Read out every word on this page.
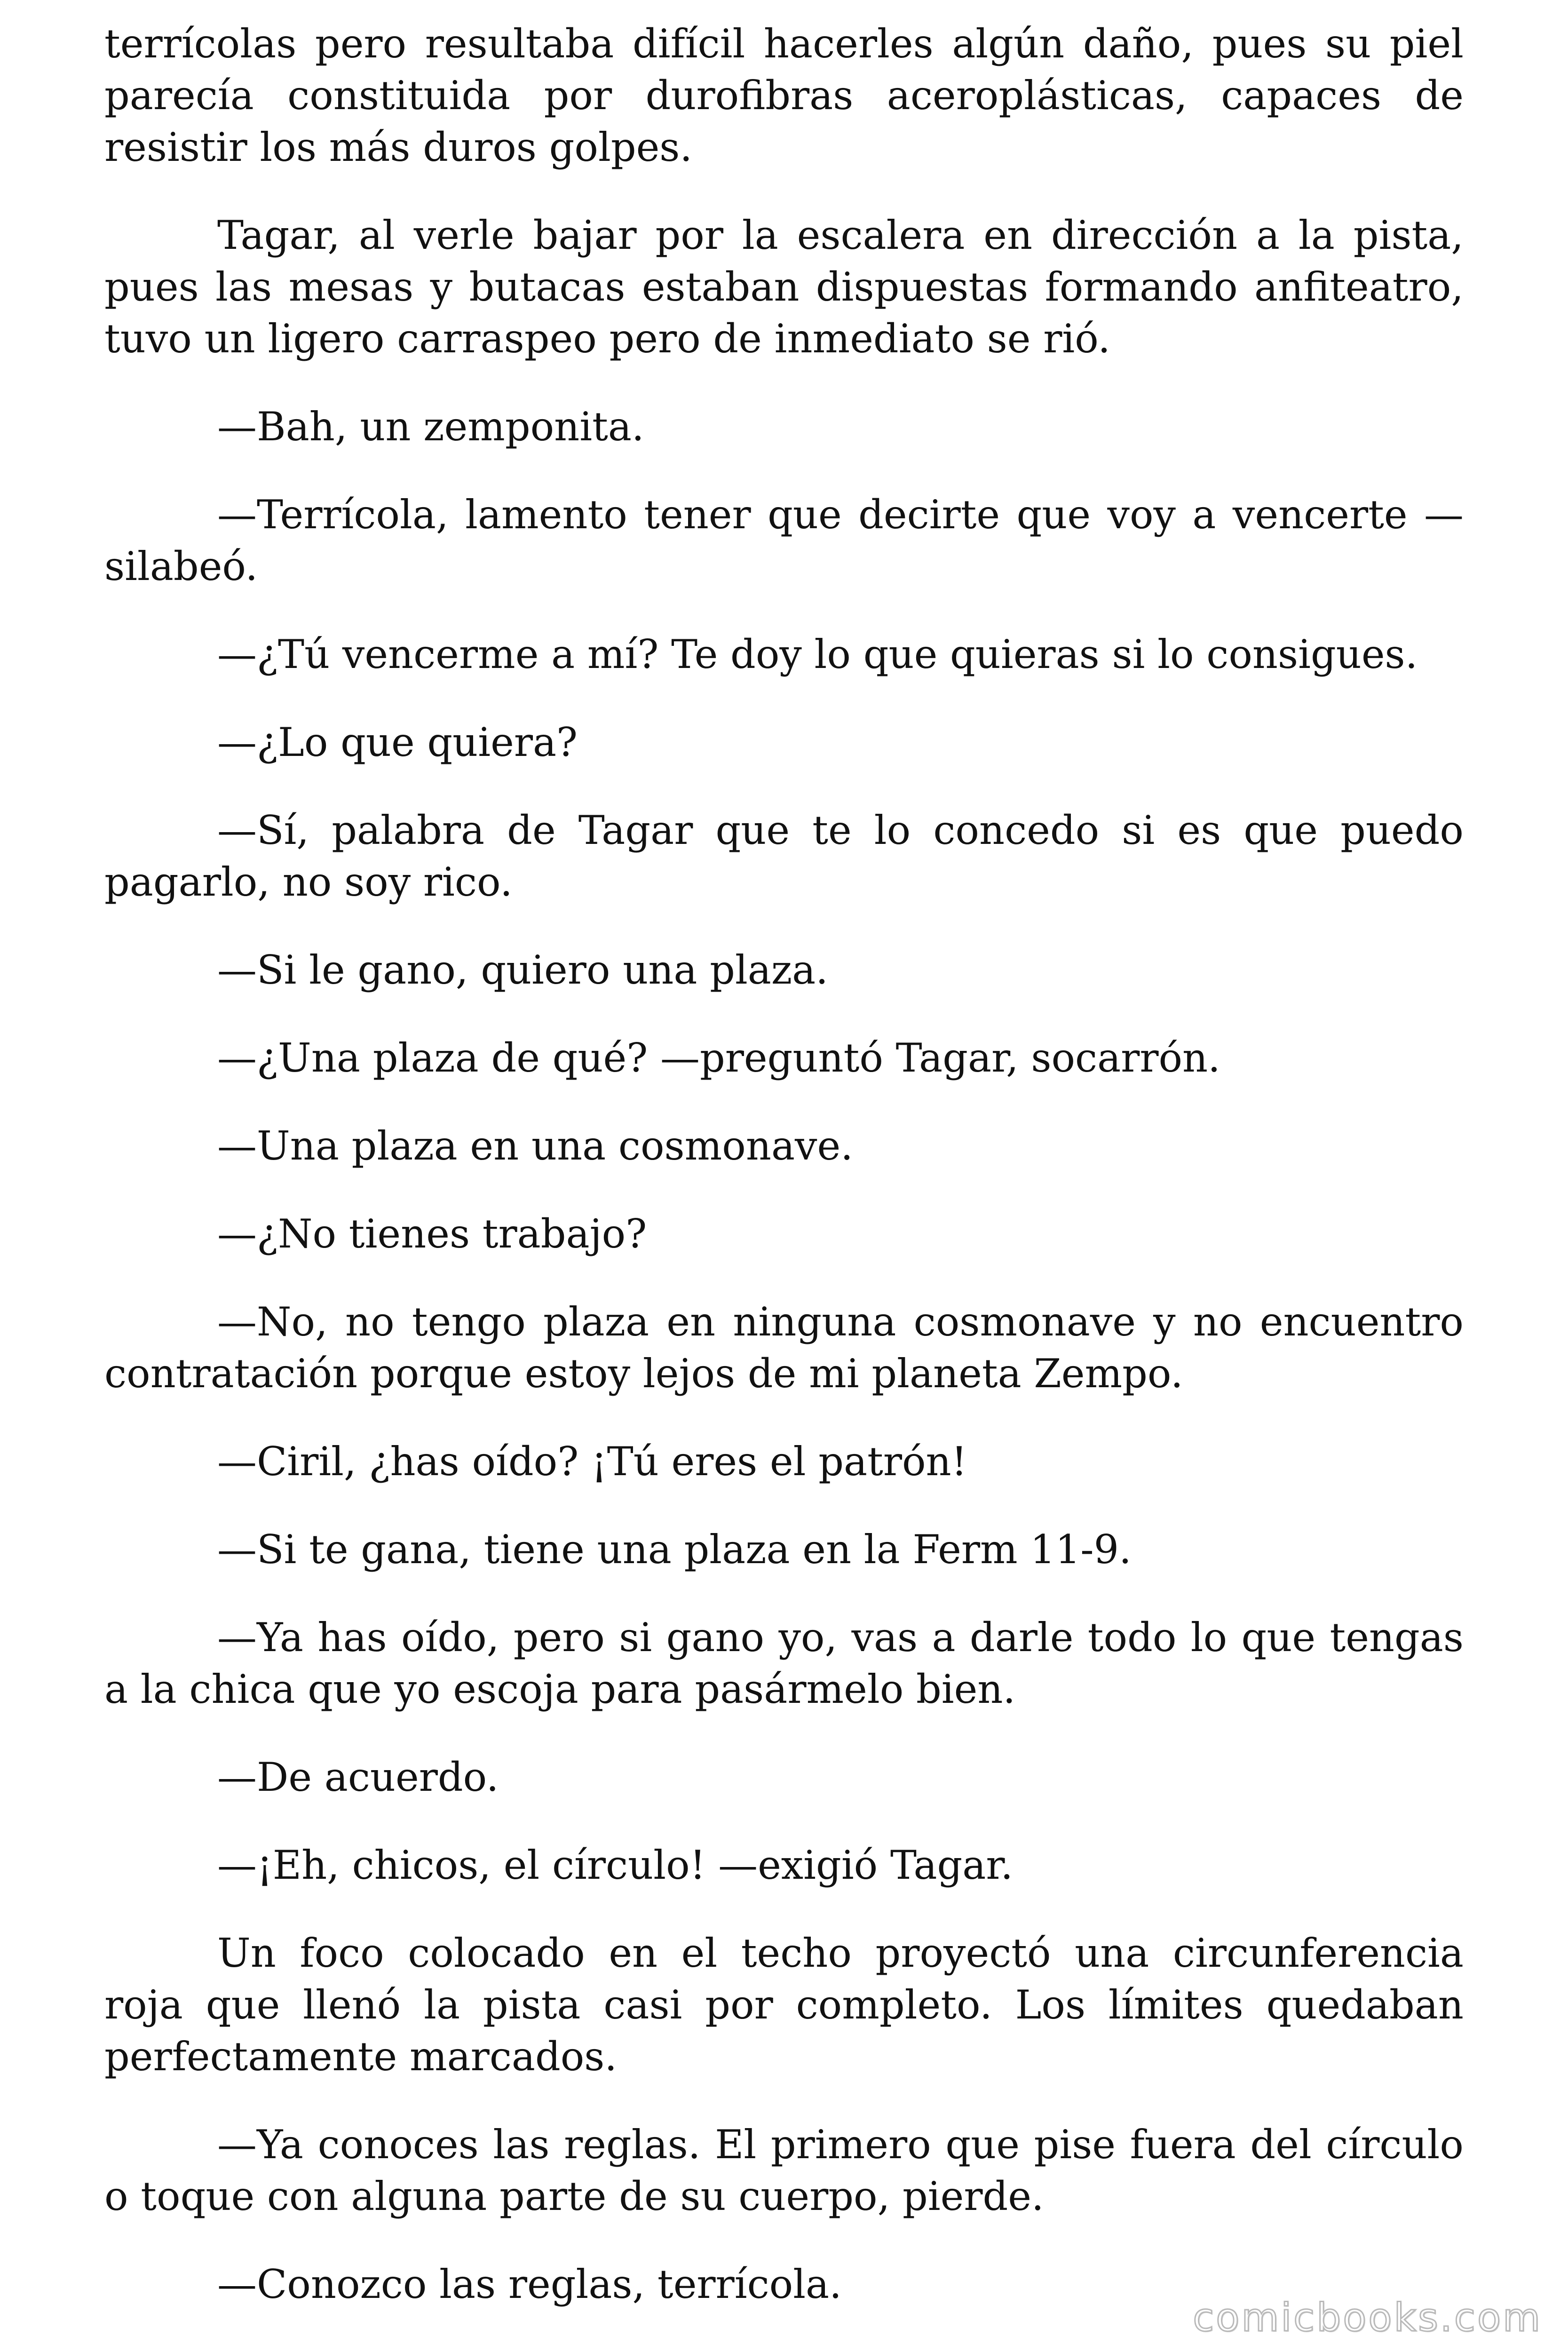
terrícolas pero resultaba difícil hacerles algún daño, pues su piel parecía constituida por durofibras aceroplásticas, capaces de resistir los más duros golpes.

Tagar, al verle bajar por la escalera en dirección a la pista, pues las mesas y butacas estaban dispuestas formando anfiteatro, tuvo un ligero carraspeo pero de inmediato se rió.

—Bah, un zemponita.

—Terrícola, lamento tener que decirte que voy a vencerte —silabeó.

—¿Tú vencerme a mí? Te doy lo que quieras si lo consigues.

—¿Lo que quiera?

—Sí, palabra de Tagar que te lo concedo si es que puedo pagarlo, no soy rico.

—Si le gano, quiero una plaza.

—¿Una plaza de qué? —preguntó Tagar, socarrón.

—Una plaza en una cosmonave.

—¿No tienes trabajo?

—No, no tengo plaza en ninguna cosmonave y no encuentro contratación porque estoy lejos de mi planeta Zempo.

—Ciril, ¿has oído? ¡Tú eres el patrón!

—Si te gana, tiene una plaza en la Ferm 11-9.

—Ya has oído, pero si gano yo, vas a darle todo lo que tengas a la chica que yo escoja para pasármelo bien.

—De acuerdo.

—¡Eh, chicos, el círculo! —exigió Tagar.

Un foco colocado en el techo proyectó una circunferencia roja que llenó la pista casi por completo. Los límites quedaban perfectamente marcados.

—Ya conoces las reglas. El primero que pise fuera del círculo o toque con alguna parte de su cuerpo, pierde.

—Conozco las reglas, terrícola.

comicbooks.com
